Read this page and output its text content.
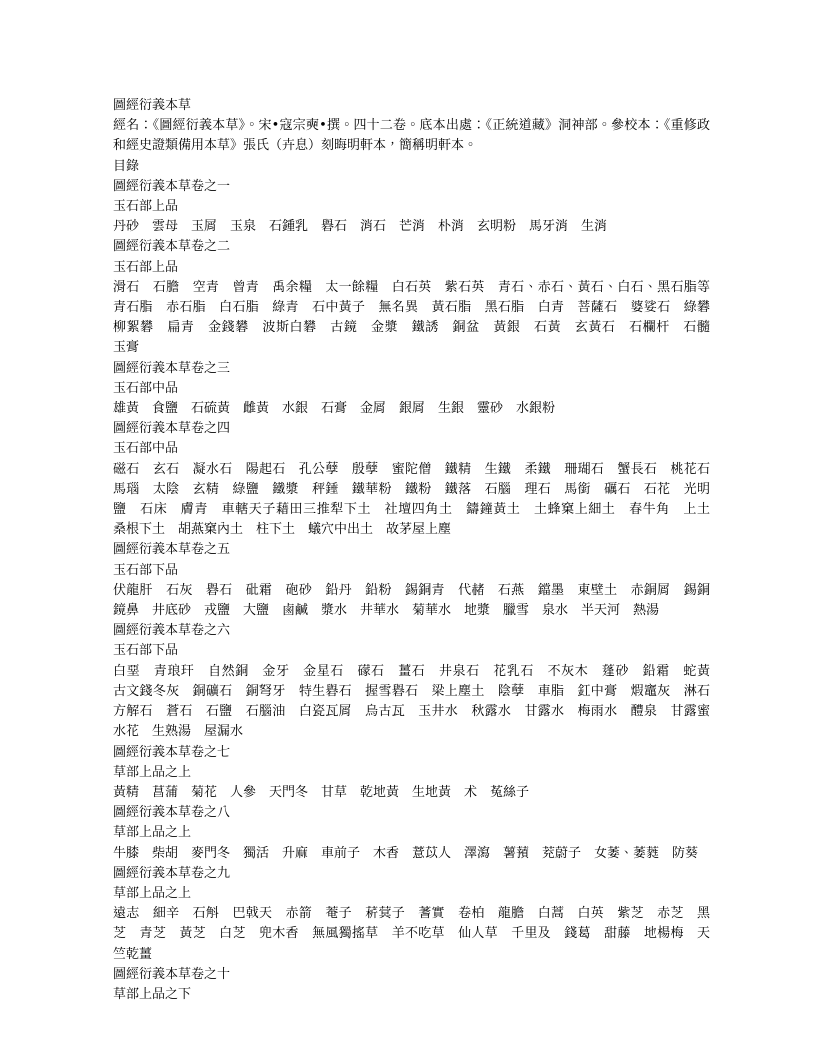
圖經衍義本草

經名：《圖經衍義本草》。宋•寇宗奭•撰。四十二卷。底本出處：《正統道藏》洞神部。參校本：《重修政和經史證類備用本草》張氏（卉息）刻晦明軒本，簡稱明軒本。

目錄

圖經衍義本草卷之一

玉石部上品

丹砂　雲母　玉屑　玉泉　石鍾乳　礜石　消石　芒消　朴消　玄明粉　馬牙消　生消

圖經衍義本草卷之二

玉石部上品

滑石　石膽　空青　曾青　禹余糧　太一餘糧　白石英　紫石英　青石、赤石、黃石、白石、黑石脂等　青石脂　赤石脂　白石脂　綠青　石中黃子　無名異　黃石脂　黑石脂　白青　菩薩石　婆娑石　綠礬　柳絮礬　扁青　金錢礬　波斯白礬　古鏡　金漿　鐵誘　銅盆　黃銀　石黃　玄黃石　石欄杆　石髓　玉膏

圖經衍義本草卷之三

玉石部中品

雄黃　食鹽　石硫黃　雌黃　水銀　石膏　金屑　銀屑　生銀　靈砂　水銀粉

圖經衍義本草卷之四

玉石部中品

磁石　玄石　凝水石　陽起石　孔公孽　殷孽　蜜陀僧　鐵精　生鐵　柔鐵　珊瑚石　蟹長石　桃花石　馬瑙　太陰　玄精　綠鹽　鐵漿　秤錘　鐵華粉　鐵粉　鐵落　石腦　理石　馬銜　礪石　石花　光明鹽　石床　膚青　車轄天子藉田三推犁下土　社壇四角土　鑄鐘黃土　土蜂窠上細土　春牛角　上土　桑根下土　胡燕窠內土　柱下土　蟻穴中出土　故茅屋上塵

圖經衍義本草卷之五

玉石部下品

伏龍肝　石灰　礜石　砒霜　砲砂　鉛丹　鉛粉　錫銅青　代赭　石燕　鐺墨　東壁土　赤銅屑　錫銅鏡鼻　井底砂　戎鹽　大鹽　鹵鹹　漿水　井華水　菊華水　地漿　臘雪　泉水　半天河　熱湯

圖經衍義本草卷之六

玉石部下品

白堊　青琅玕　自然銅　金牙　金星石　礞石　薑石　井泉石　花乳石　不灰木　蓬砂　鉛霜　蛇黃　古文錢冬灰　銅礦石　銅弩牙　特生礜石　握雪礜石　梁上塵土　陰孽　車脂　釭中膏　煆竈灰　淋石　方解石　蒼石　石鹽　石腦油　白瓷瓦屑　烏古瓦　玉井水　秋露水　甘露水　梅雨水　醴泉　甘露蜜　水花　生熟湯　屋漏水

圖經衍義本草卷之七

草部上品之上

黃精　菖蒲　菊花　人參　天門冬　甘草　乾地黃　生地黃　术　菟絲子

圖經衍義本草卷之八

草部上品之上

牛膝　柴胡　麥門冬　獨活　升麻　車前子　木香　薏苡人　澤瀉　薯蕷　茺蔚子　女萎、萎蕤　防葵

圖經衍義本草卷之九

草部上品之上

遠志　細辛　石斛　巴戟天　赤箭　菴子　菥蓂子　蓍實　卷柏　龍膽　白蒿　白英　紫芝　赤芝　黑芝　青芝　黃芝　白芝　兜木香　無風獨搖草　羊不吃草　仙人草　千里及　錢葛　甜藤　地楊梅　天竺乾薑

圖經衍義本草卷之十

草部上品之下
